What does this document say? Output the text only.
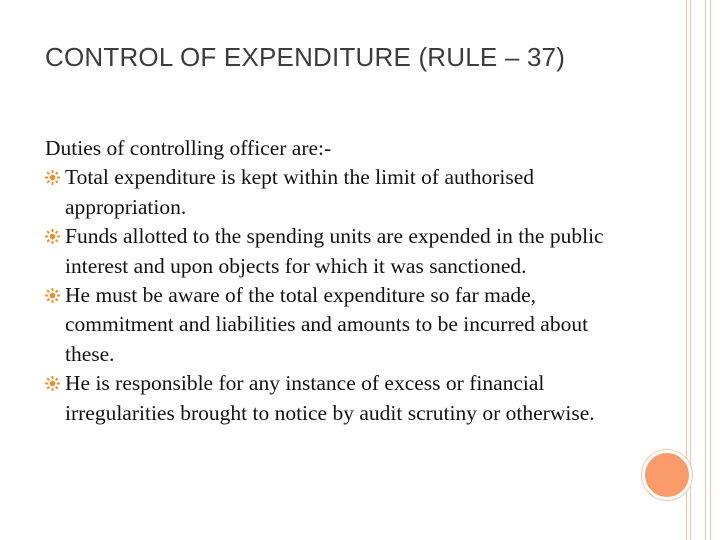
CONTROL OF EXPENDITURE (RULE – 37)

Duties of controlling officer are:-

Total expenditure is kept within the limit of authorised appropriation.
Funds allotted to the spending units are expended in the public interest and upon objects for which it was sanctioned.
He must be aware of the total expenditure so far made, commitment and liabilities and amounts to be incurred about these.
He is responsible for any instance of excess or financial irregularities brought to notice by audit scrutiny or otherwise.
